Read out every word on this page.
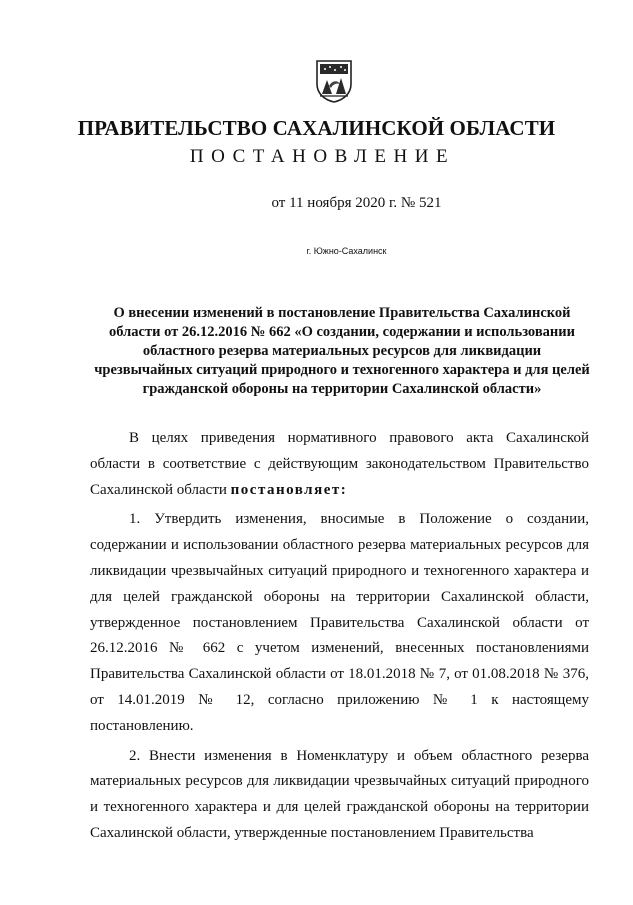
ПРАВИТЕЛЬСТВО САХАЛИНСКОЙ ОБЛАСТИ
ПОСТАНОВЛЕНИЕ
от 11 ноября 2020 г. № 521
г. Южно-Сахалинск
О внесении изменений в постановление Правительства Сахалинской области от 26.12.2016 № 662 «О создании, содержании и использовании областного резерва материальных ресурсов для ликвидации чрезвычайных ситуаций природного и техногенного характера и для целей гражданской обороны на территории Сахалинской области»

В целях приведения нормативного правового акта Сахалинской области в соответствие с действующим законодательством Правительство Сахалинской области постановляет:

1. Утвердить изменения, вносимые в Положение о создании, содержании и использовании областного резерва материальных ресурсов для ликвидации чрезвычайных ситуаций природного и техногенного характера и для целей гражданской обороны на территории Сахалинской области, утвержденное постановлением Правительства Сахалинской области от 26.12.2016 № 662 с учетом изменений, внесенных постановлениями Правительства Сахалинской области от 18.01.2018 № 7, от 01.08.2018 № 376, от 14.01.2019 № 12, согласно приложению № 1 к настоящему постановлению.

2. Внести изменения в Номенклатуру и объем областного резерва материальных ресурсов для ликвидации чрезвычайных ситуаций природного и техногенного характера и для целей гражданской обороны на территории Сахалинской области, утвержденные постановлением Правительства
